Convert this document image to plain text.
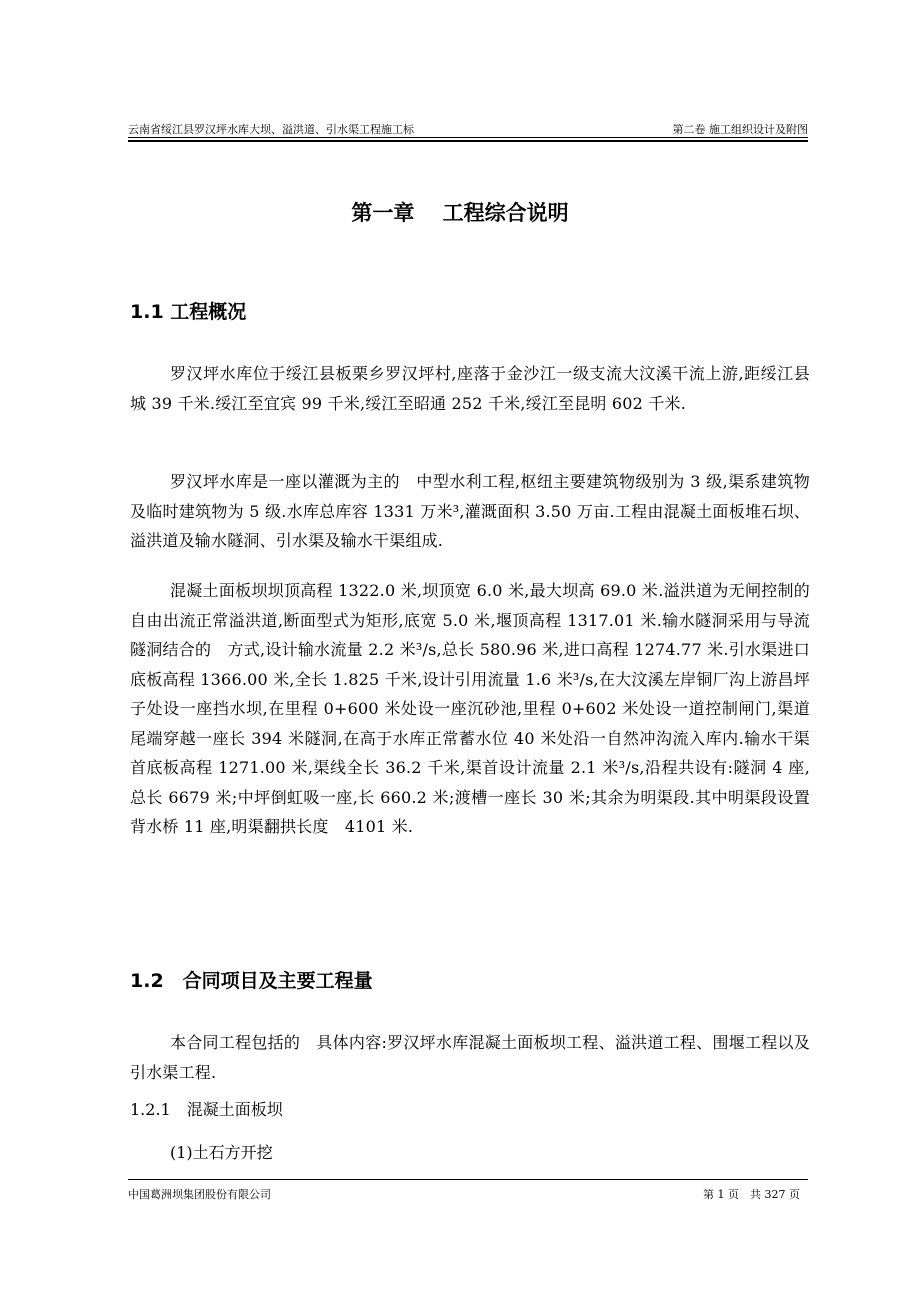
云南省绥江县罗汉坪水库大坝、溢洪道、引水渠工程施工标	第二卷 施工组织设计及附图
第一章　 工程综合说明
1.1 工程概况

罗汉坪水库位于绥江县板栗乡罗汉坪村,座落于金沙江一级支流大汶溪干流上游,距绥江县城 39 千米.绥江至宜宾 99 千米,绥江至昭通 252 千米,绥江至昆明 602 千米.

罗汉坪水库是一座以灌溉为主的　中型水利工程,枢纽主要建筑物级别为 3 级,渠系建筑物及临时建筑物为 5 级.水库总库容 1331 万米³,灌溉面积 3.50 万亩.工程由混凝土面板堆石坝、溢洪道及输水隧洞、引水渠及输水干渠组成.

混凝土面板坝坝顶高程 1322.0 米,坝顶宽 6.0 米,最大坝高 69.0 米.溢洪道为无闸控制的　自由出流正常溢洪道,断面型式为矩形,底宽 5.0 米,堰顶高程 1317.01 米.输水隧洞采用与导流隧洞结合的　方式,设计输水流量 2.2 米³/s,总长 580.96 米,进口高程 1274.77 米.引水渠进口底板高程 1366.00 米,全长 1.825 千米,设计引用流量 1.6 米³/s,在大汶溪左岸铜厂沟上游昌坪子处设一座挡水坝,在里程 0+600 米处设一座沉砂池,里程 0+602 米处设一道控制闸门,渠道尾端穿越一座长 394 米隧洞,在高于水库正常蓄水位 40 米处沿一自然冲沟流入库内.输水干渠首底板高程 1271.00 米,渠线全长 36.2 千米,渠首设计流量 2.1 米³/s,沿程共设有:隧洞 4 座,总长 6679 米;中坪倒虹吸一座,长 660.2 米;渡槽一座长 30 米;其余为明渠段.其中明渠段设置背水桥 11 座,明渠翻拱长度　4101 米.

1.2　合同项目及主要工程量

本合同工程包括的　具体内容:罗汉坪水库混凝土面板坝工程、溢洪道工程、围堰工程以及引水渠工程.

1.2.1　混凝土面板坝
(1)土石方开挖
中国葛洲坝集团股份有限公司	第 1 页　共 327 页
